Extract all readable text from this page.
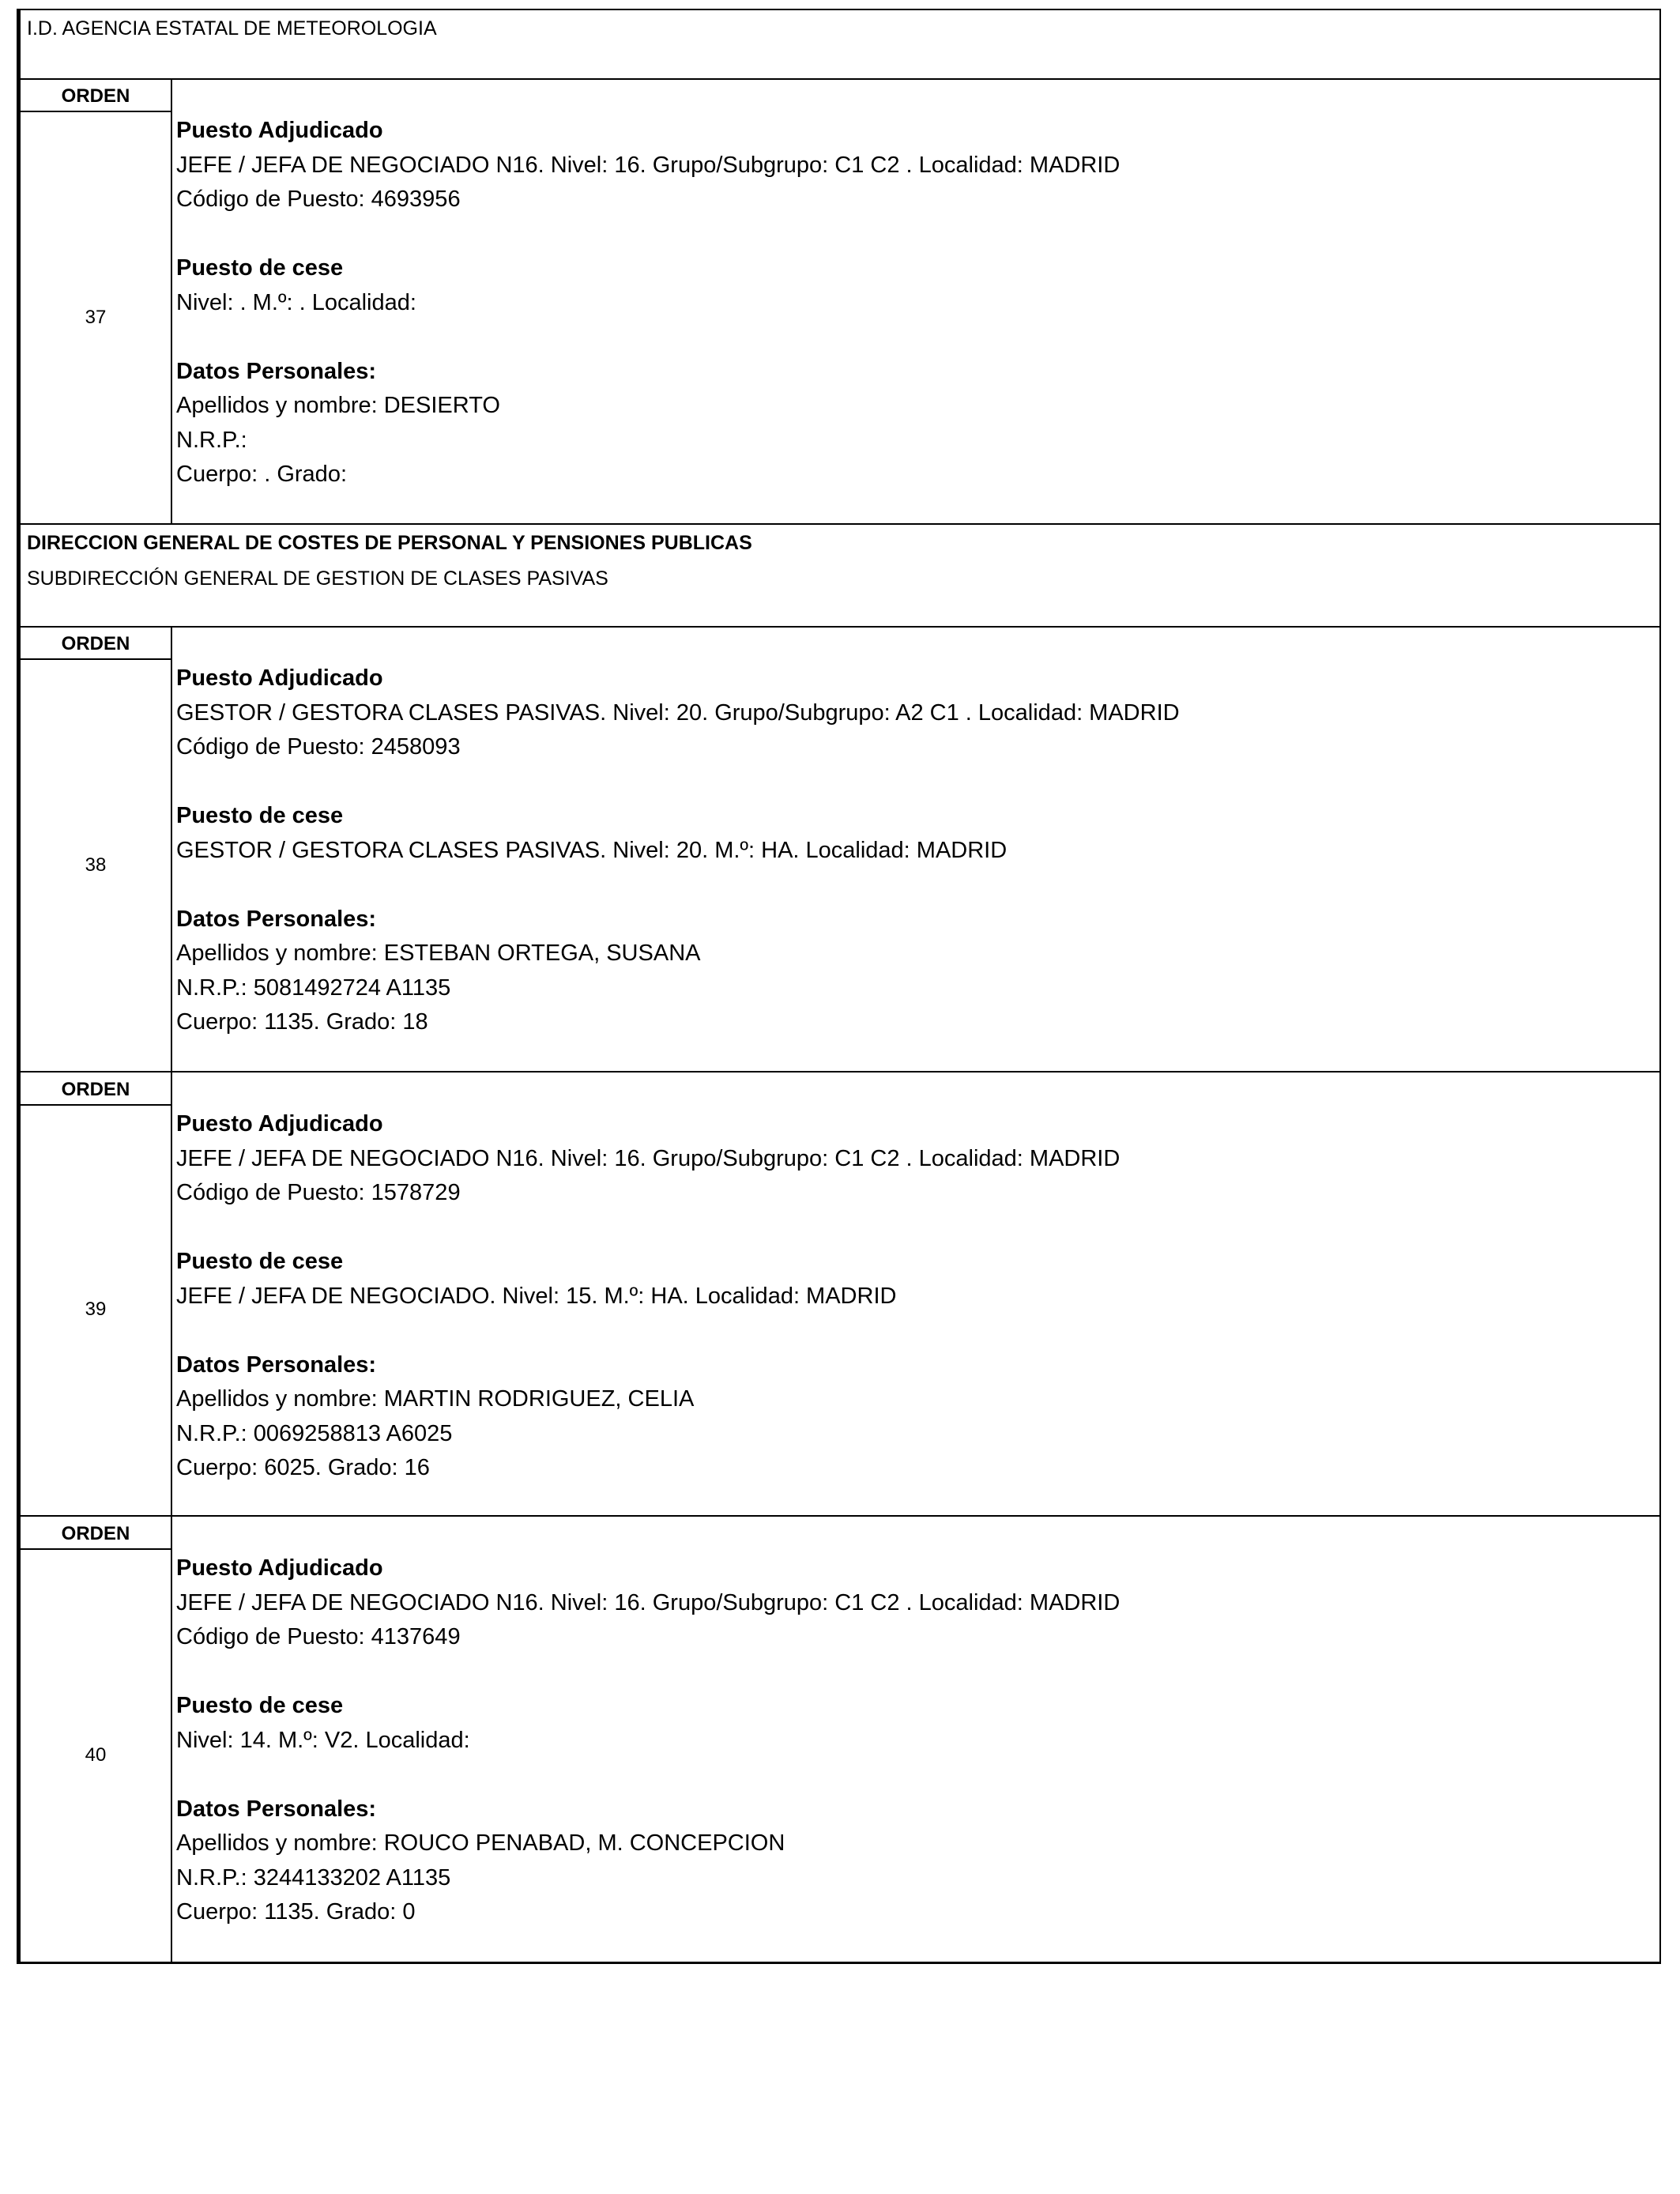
I.D. AGENCIA ESTATAL DE METEOROLOGIA
ORDEN
37
Puesto Adjudicado
JEFE / JEFA DE NEGOCIADO N16. Nivel: 16. Grupo/Subgrupo: C1 C2 . Localidad: MADRID
Código de Puesto: 4693956
Puesto de cese
Nivel: . M.º: . Localidad:
Datos Personales:
Apellidos y nombre: DESIERTO
N.R.P.:
Cuerpo: . Grado:
DIRECCION GENERAL DE COSTES DE PERSONAL Y PENSIONES PUBLICAS
SUBDIRECCIÓN GENERAL DE GESTION DE CLASES PASIVAS
ORDEN
38
Puesto Adjudicado
GESTOR / GESTORA CLASES PASIVAS. Nivel: 20. Grupo/Subgrupo: A2 C1 . Localidad: MADRID
Código de Puesto: 2458093
Puesto de cese
GESTOR / GESTORA CLASES PASIVAS. Nivel: 20. M.º: HA. Localidad: MADRID
Datos Personales:
Apellidos y nombre: ESTEBAN ORTEGA, SUSANA
N.R.P.: 5081492724 A1135
Cuerpo: 1135. Grado: 18
ORDEN
39
Puesto Adjudicado
JEFE / JEFA DE NEGOCIADO N16. Nivel: 16. Grupo/Subgrupo: C1 C2 . Localidad: MADRID
Código de Puesto: 1578729
Puesto de cese
JEFE / JEFA DE NEGOCIADO. Nivel: 15. M.º: HA. Localidad: MADRID
Datos Personales:
Apellidos y nombre: MARTIN RODRIGUEZ, CELIA
N.R.P.: 0069258813 A6025
Cuerpo: 6025. Grado: 16
ORDEN
40
Puesto Adjudicado
JEFE / JEFA DE NEGOCIADO N16. Nivel: 16. Grupo/Subgrupo: C1 C2 . Localidad: MADRID
Código de Puesto: 4137649
Puesto de cese
Nivel: 14. M.º: V2. Localidad:
Datos Personales:
Apellidos y nombre: ROUCO PENABAD, M. CONCEPCION
N.R.P.: 3244133202 A1135
Cuerpo: 1135. Grado: 0
